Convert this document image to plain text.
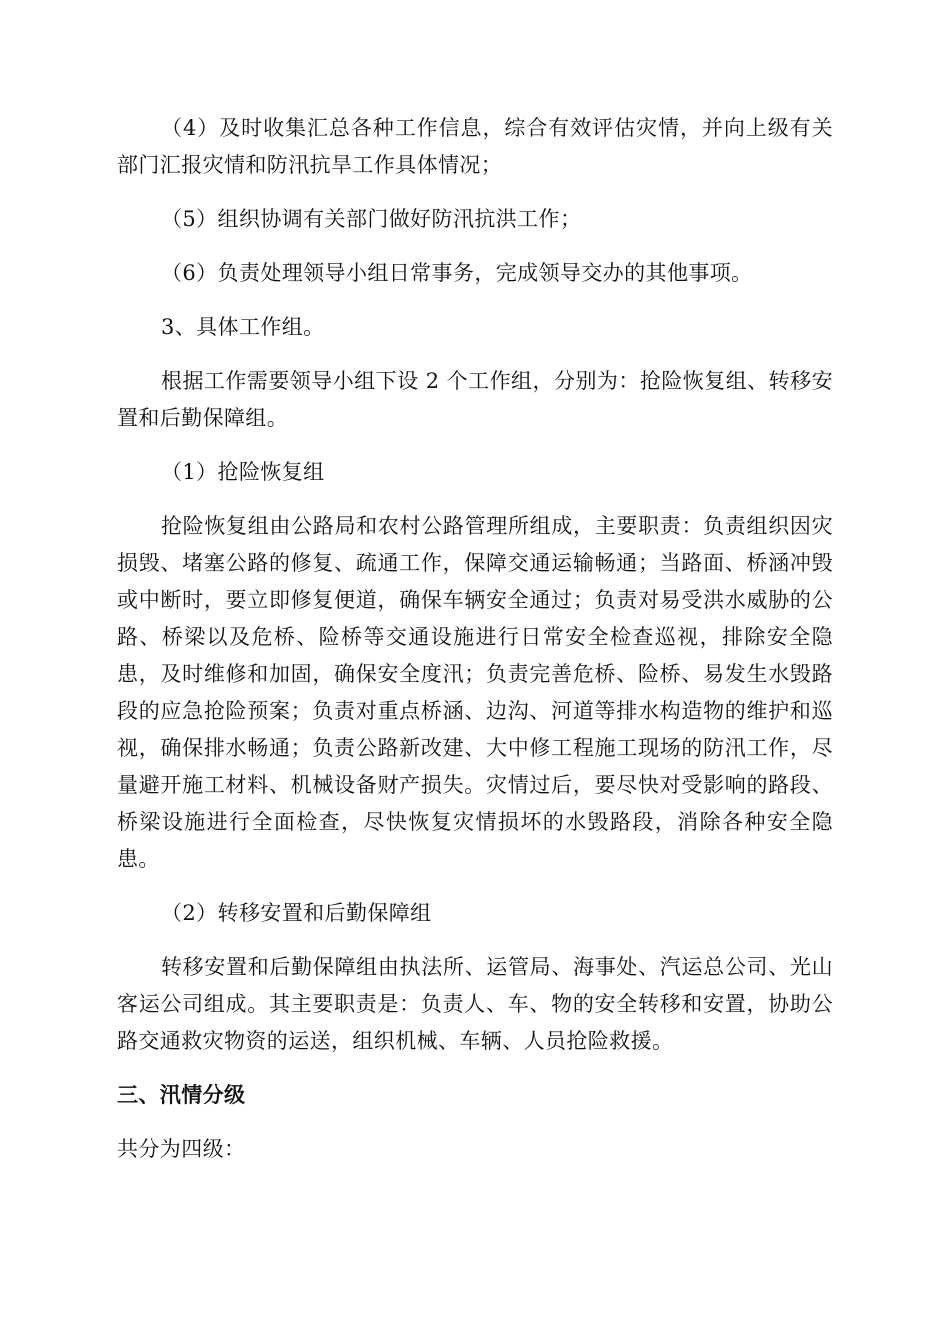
（4）及时收集汇总各种工作信息，综合有效评估灾情，并向上级有关部门汇报灾情和防汛抗旱工作具体情况；

（5）组织协调有关部门做好防汛抗洪工作；

（6）负责处理领导小组日常事务，完成领导交办的其他事项。

3、具体工作组。

根据工作需要领导小组下设 2 个工作组，分别为：抢险恢复组、转移安置和后勤保障组。

（1）抢险恢复组

抢险恢复组由公路局和农村公路管理所组成，主要职责：负责组织因灾损毁、堵塞公路的修复、疏通工作，保障交通运输畅通；当路面、桥涵冲毁或中断时，要立即修复便道，确保车辆安全通过；负责对易受洪水威胁的公路、桥梁以及危桥、险桥等交通设施进行日常安全检查巡视，排除安全隐患，及时维修和加固，确保安全度汛；负责完善危桥、险桥、易发生水毁路段的应急抢险预案；负责对重点桥涵、边沟、河道等排水构造物的维护和巡视，确保排水畅通；负责公路新改建、大中修工程施工现场的防汛工作，尽量避开施工材料、机械设备财产损失。灾情过后，要尽快对受影响的路段、桥梁设施进行全面检查，尽快恢复灾情损坏的水毁路段，消除各种安全隐患。

（2）转移安置和后勤保障组

转移安置和后勤保障组由执法所、运管局、海事处、汽运总公司、光山客运公司组成。其主要职责是：负责人、车、物的安全转移和安置，协助公路交通救灾物资的运送，组织机械、车辆、人员抢险救援。

三、汛情分级

共分为四级：
